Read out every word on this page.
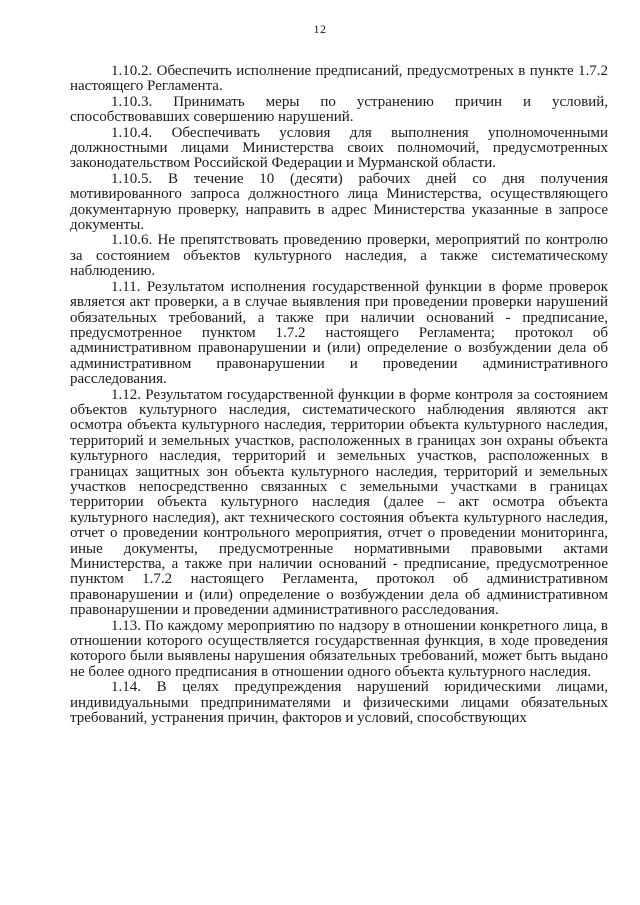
12

1.10.2. Обеспечить исполнение предписаний, предусмотреных в пункте 1.7.2 настоящего Регламента.

1.10.3. Принимать меры по устранению причин и условий, способствовавших совершению нарушений.

1.10.4. Обеспечивать условия для выполнения уполномоченными должностными лицами Министерства своих полномочий, предусмотренных законодательством Российской Федерации и Мурманской области.

1.10.5. В течение 10 (десяти) рабочих дней со дня получения мотивированного запроса должностного лица Министерства, осуществляющего документарную проверку, направить в адрес Министерства указанные в запросе документы.

1.10.6. Не препятствовать проведению проверки, мероприятий по контролю за состоянием объектов культурного наследия, а также систематическому наблюдению.

1.11. Результатом исполнения государственной функции в форме проверок является акт проверки, а в случае выявления при проведении проверки нарушений обязательных требований, а также при наличии оснований - предписание, предусмотренное пунктом 1.7.2 настоящего Регламента; протокол об административном правонарушении и (или) определение о возбуждении дела об административном правонарушении и проведении административного расследования.

1.12. Результатом государственной функции в форме контроля за состоянием объектов культурного наследия, систематического наблюдения являются акт осмотра объекта культурного наследия, территории объекта культурного наследия, территорий и земельных участков, расположенных в границах зон охраны объекта культурного наследия, территорий и земельных участков, расположенных в границах защитных зон объекта культурного наследия, территорий и земельных участков непосредственно связанных с земельными участками в границах территории объекта культурного наследия (далее – акт осмотра объекта культурного наследия), акт технического состояния объекта культурного наследия, отчет о проведении контрольного мероприятия, отчет о проведении мониторинга, иные документы, предусмотренные нормативными правовыми актами Министерства, а также при наличии оснований - предписание, предусмотренное пунктом 1.7.2 настоящего Регламента, протокол об административном правонарушении и (или) определение о возбуждении дела об административном правонарушении и проведении административного расследования.

1.13. По каждому мероприятию по надзору в отношении конкретного лица, в отношении которого осуществляется государственная функция, в ходе проведения которого были выявлены нарушения обязательных требований, может быть выдано не более одного предписания в отношении одного объекта культурного наследия.

1.14. В целях предупреждения нарушений юридическими лицами, индивидуальными предпринимателями и физическими лицами обязательных требований, устранения причин, факторов и условий, способствующих
